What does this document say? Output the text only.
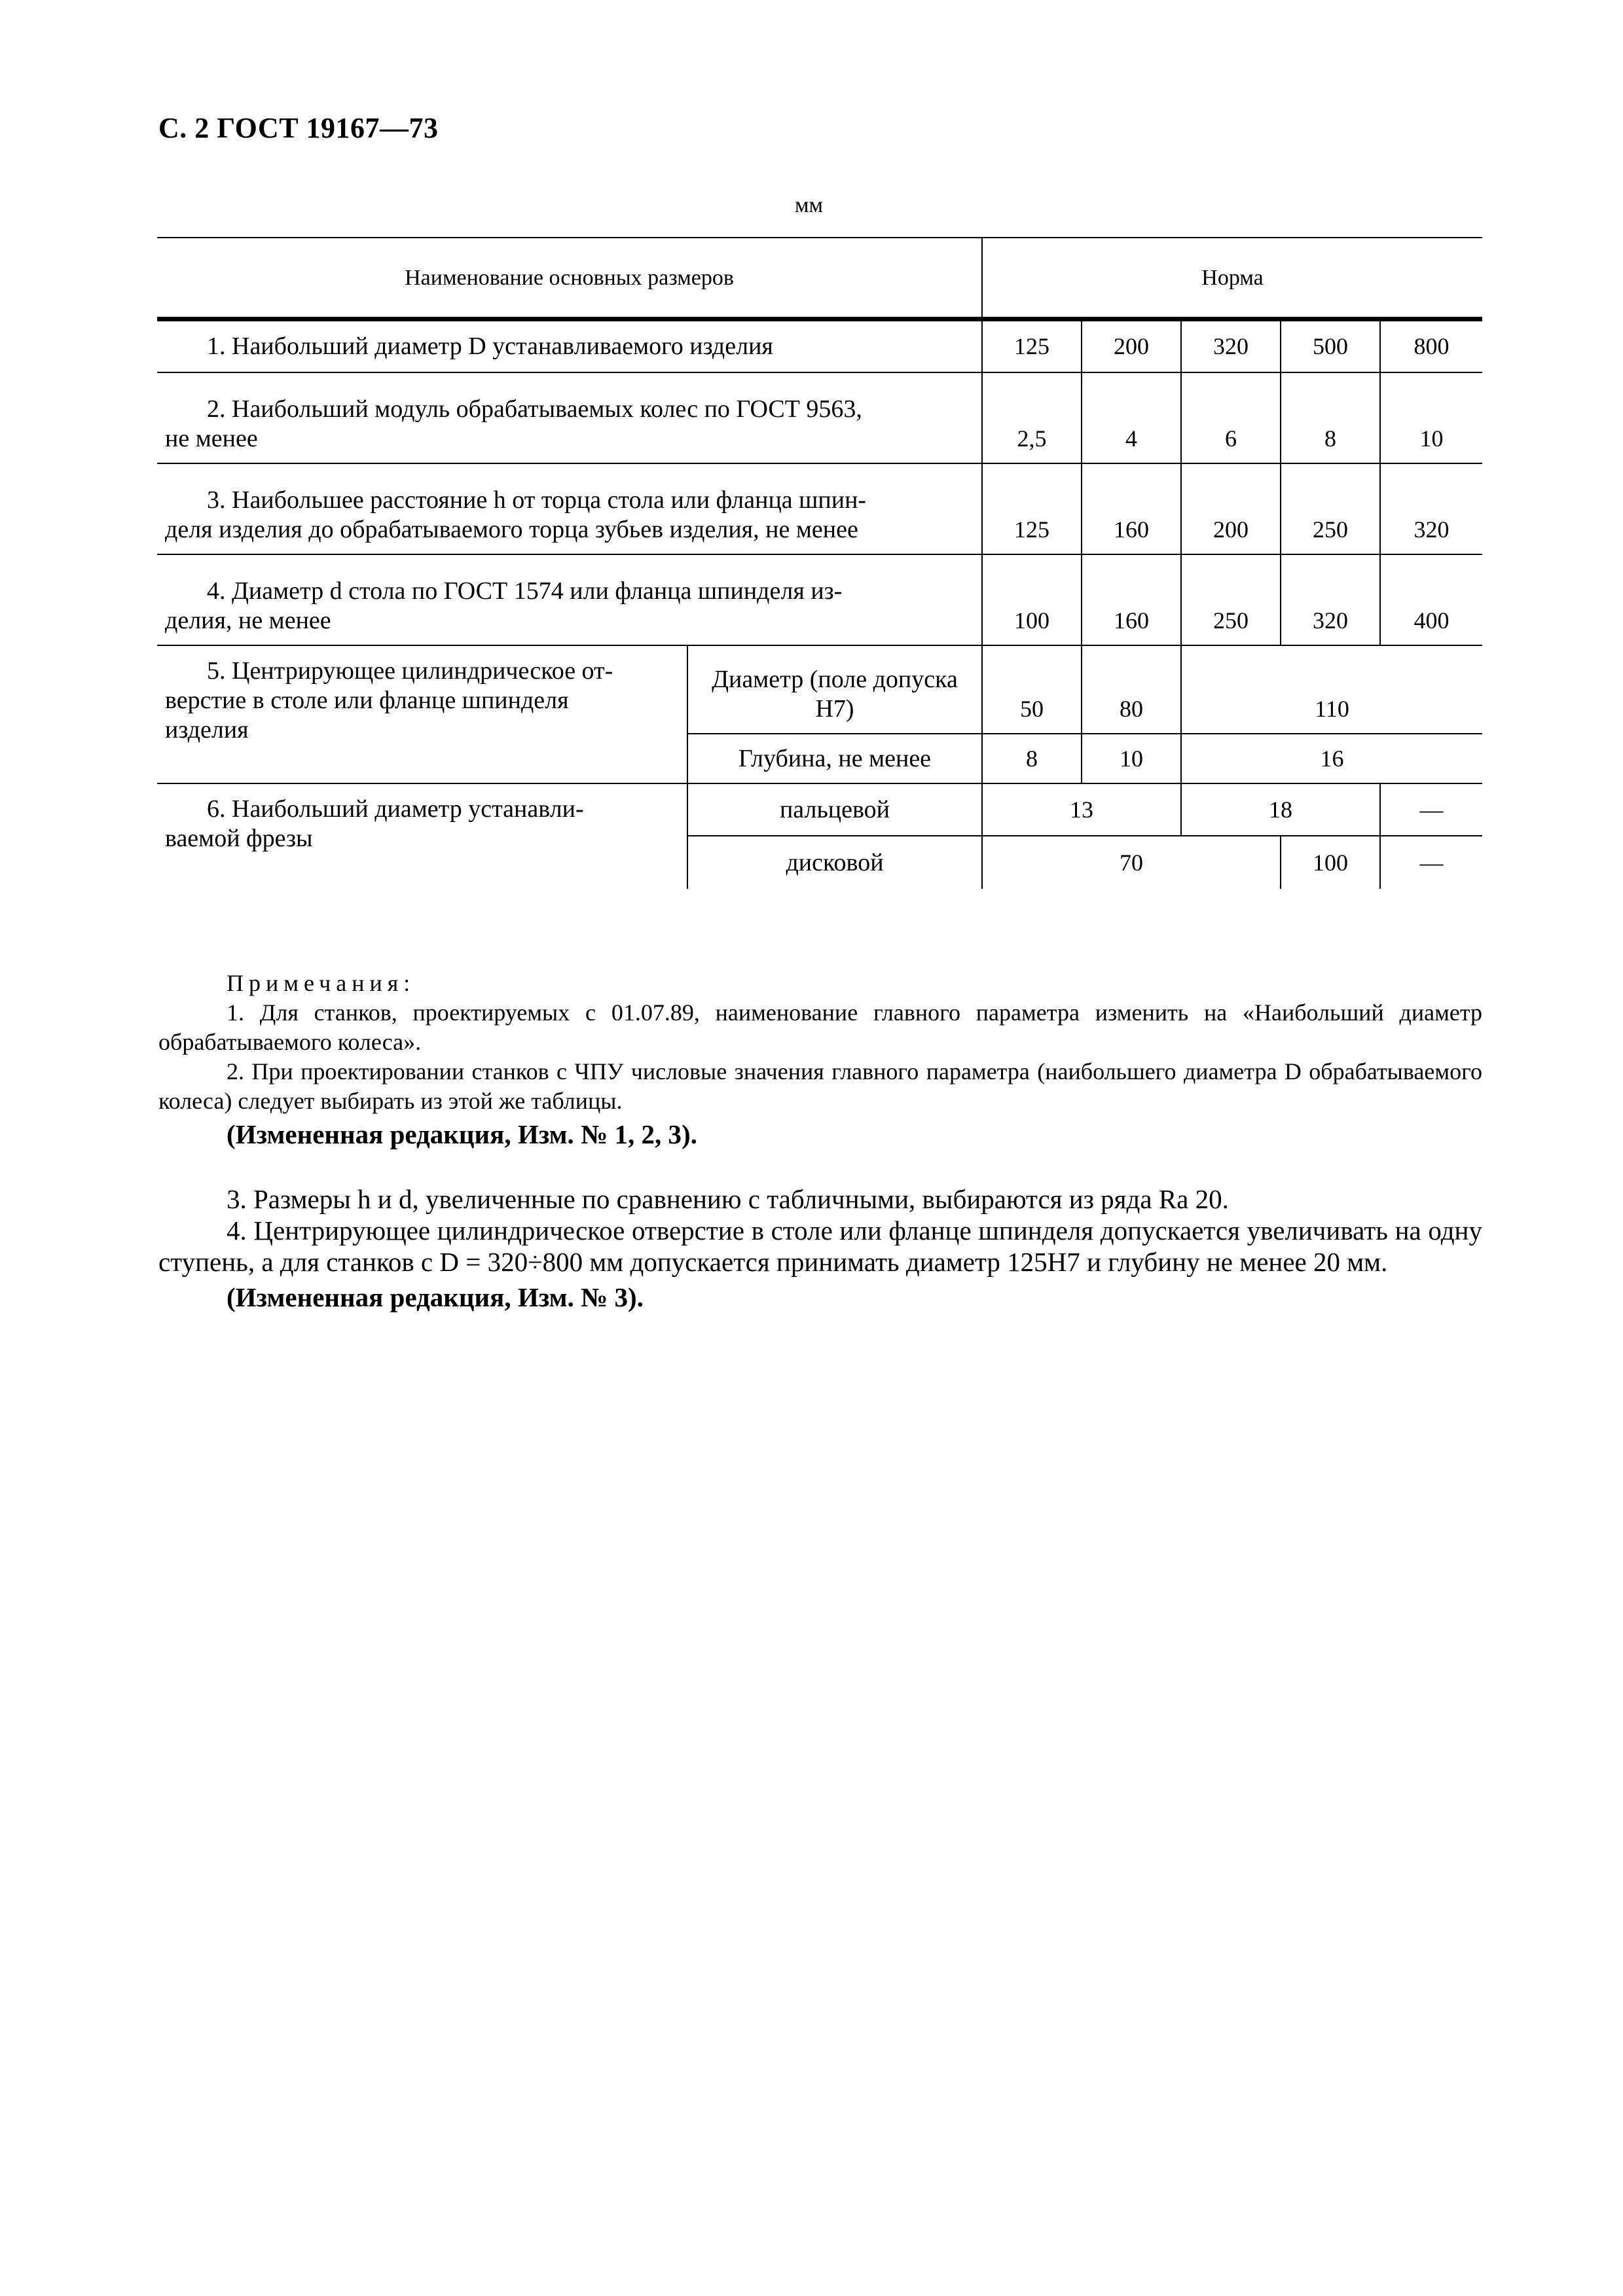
С. 2 ГОСТ 19167—73
мм
Наименование основных размеров		Норма				
1. Наибольший диаметр D устанавливаемого изделия		125	200	320	500	800
2. Наибольший модуль обрабатываемых колес по ГОСТ 9563,
не менее		2,5	4	6	8	10
3. Наибольшее расстояние h от торца стола или фланца шпин-
деля изделия до обрабатываемого торца зубьев изделия, не менее		125	160	200	250	320
4. Диаметр d стола по ГОСТ 1574 или фланца шпинделя из-
делия, не менее		100	160	250	320	400
5. Центрирующее цилиндрическое от-
верстие в столе или фланце шпинделя
изделия	Диаметр (поле допуска Н7)	50	80	110		
	Глубина, не менее	8	10	16		
6. Наибольший диаметр устанавли-
ваемой фрезы	пальцевой	13		18		—
	дисковой	70			100	—
Примечания:

1. Для станков, проектируемых с 01.07.89, наименование главного параметра изменить на «Наибольший диаметр обрабатываемого колеса».

2. При проектировании станков с ЧПУ числовые значения главного параметра (наибольшего диаметра D обрабатываемого колеса) следует выбирать из этой же таблицы.

(Измененная редакция, Изм. № 1, 2, 3).

3. Размеры h и d, увеличенные по сравнению с табличными, выбираются из ряда Ra 20.

4. Центрирующее цилиндрическое отверстие в столе или фланце шпинделя допускается увеличивать на одну ступень, а для станков с D = 320÷800 мм допускается принимать диаметр 125Н7 и глубину не менее 20 мм.

(Измененная редакция, Изм. № 3).
